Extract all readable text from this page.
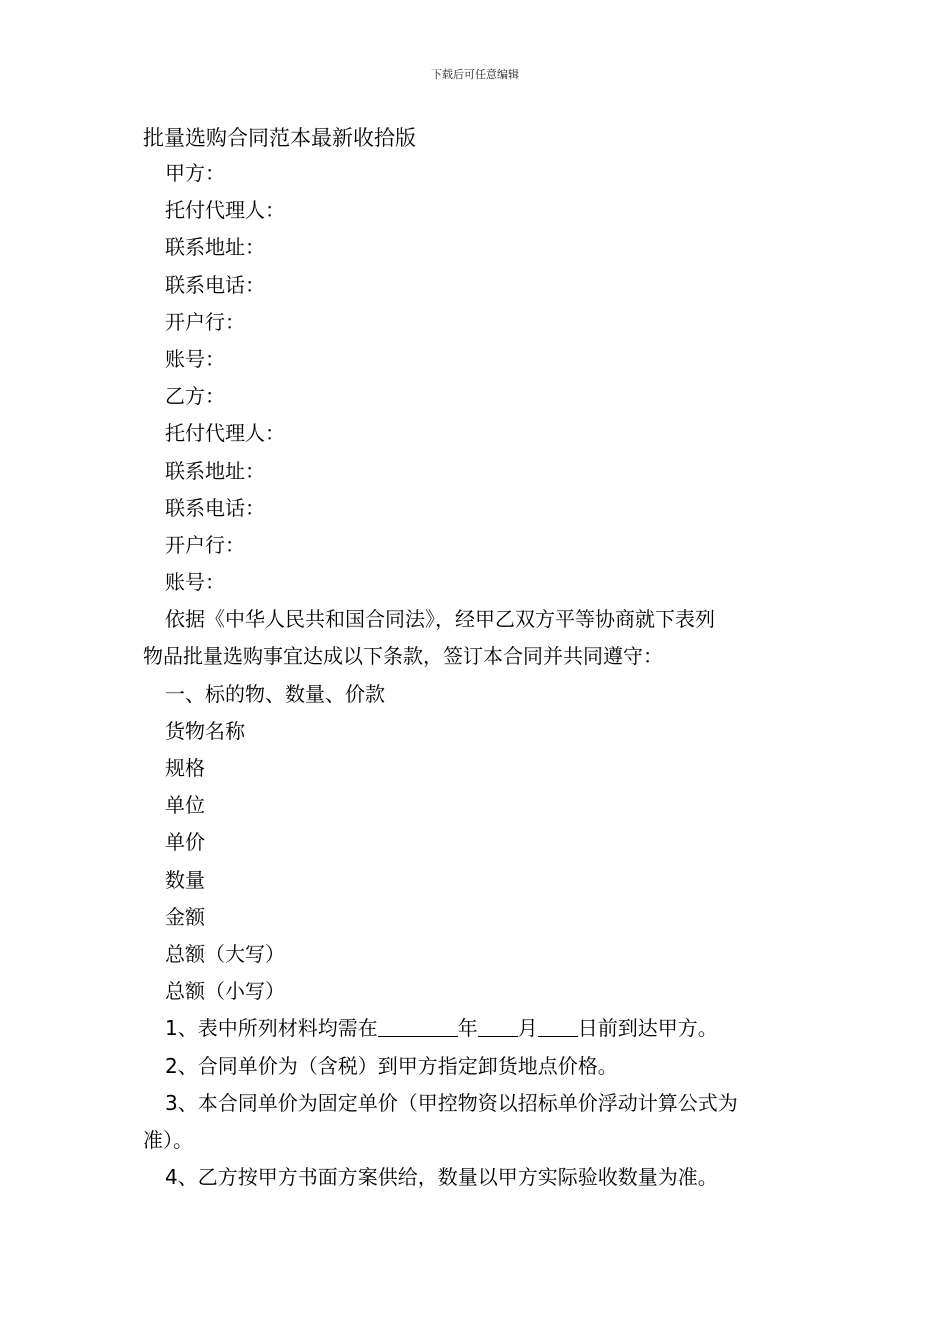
下载后可任意编辑
批量选购合同范本最新收拾版
甲方：
托付代理人：
联系地址：
联系电话：
开户行：
账号：
乙方：
托付代理人：
联系地址：
联系电话：
开户行：
账号：
依据《中华人民共和国合同法》，经甲乙双方平等协商就下表列
物品批量选购事宜达成以下条款，签订本合同并共同遵守：
一、标的物、数量、价款
货物名称
规格
单位
单价
数量
金额
总额（大写）
总额（小写）
1、表中所列材料均需在	年 月 日前到达甲方。
2、合同单价为（含税）到甲方指定卸货地点价格。
3、本合同单价为固定单价（甲控物资以招标单价浮动计算公式为
准）。
4、乙方按甲方书面方案供给，数量以甲方实际验收数量为准。
